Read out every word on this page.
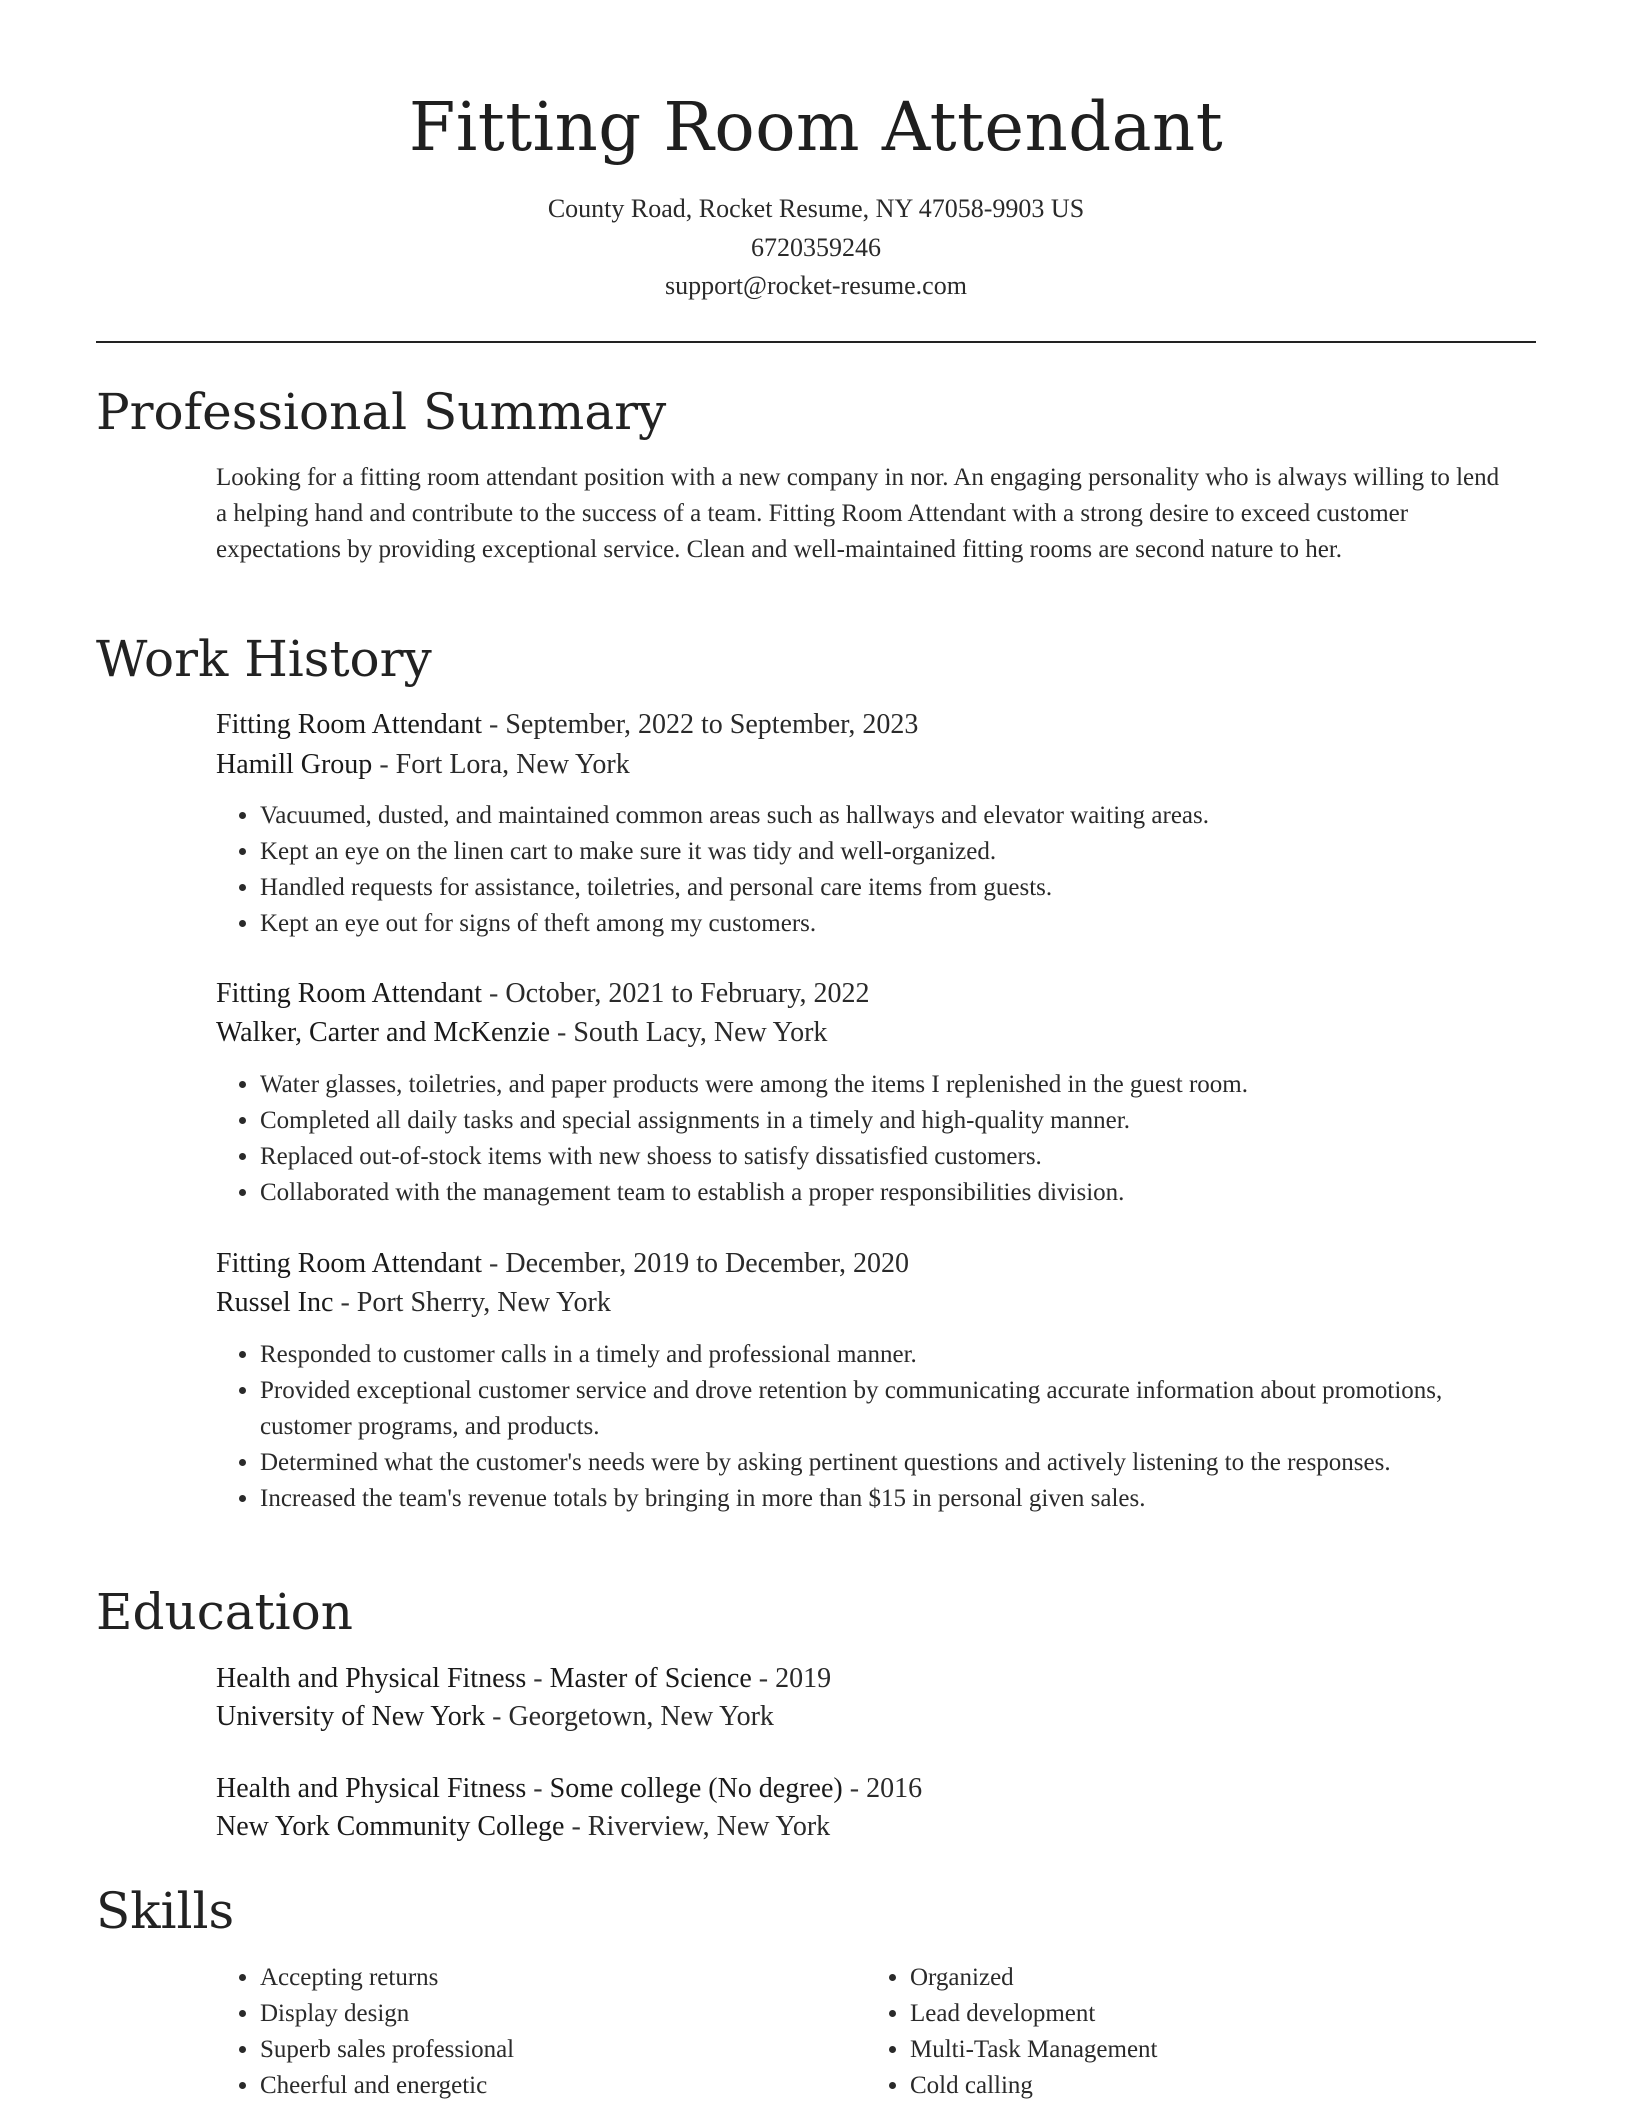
Fitting Room Attendant
County Road, Rocket Resume, NY 47058-9903 US
6720359246
support@rocket-resume.com
Professional Summary
Looking for a fitting room attendant position with a new company in nor. An engaging personality who is always willing to lend a helping hand and contribute to the success of a team. Fitting Room Attendant with a strong desire to exceed customer expectations by providing exceptional service. Clean and well-maintained fitting rooms are second nature to her.
Work History
Fitting Room Attendant - September, 2022 to September, 2023
Hamill Group - Fort Lora, New York
• Vacuumed, dusted, and maintained common areas such as hallways and elevator waiting areas.
• Kept an eye on the linen cart to make sure it was tidy and well-organized.
• Handled requests for assistance, toiletries, and personal care items from guests.
• Kept an eye out for signs of theft among my customers.
Fitting Room Attendant - October, 2021 to February, 2022
Walker, Carter and McKenzie - South Lacy, New York
• Water glasses, toiletries, and paper products were among the items I replenished in the guest room.
• Completed all daily tasks and special assignments in a timely and high-quality manner.
• Replaced out-of-stock items with new shoess to satisfy dissatisfied customers.
• Collaborated with the management team to establish a proper responsibilities division.
Fitting Room Attendant - December, 2019 to December, 2020
Russel Inc - Port Sherry, New York
• Responded to customer calls in a timely and professional manner.
• Provided exceptional customer service and drove retention by communicating accurate information about promotions, customer programs, and products.
• Determined what the customer's needs were by asking pertinent questions and actively listening to the responses.
• Increased the team's revenue totals by bringing in more than $15 in personal given sales.
Education
Health and Physical Fitness - Master of Science - 2019
University of New York - Georgetown, New York
Health and Physical Fitness - Some college (No degree) - 2016
New York Community College - Riverview, New York
Skills
• Accepting returns
• Display design
• Superb sales professional
• Cheerful and energetic
• Organized
• Lead development
• Multi-Task Management
• Cold calling
